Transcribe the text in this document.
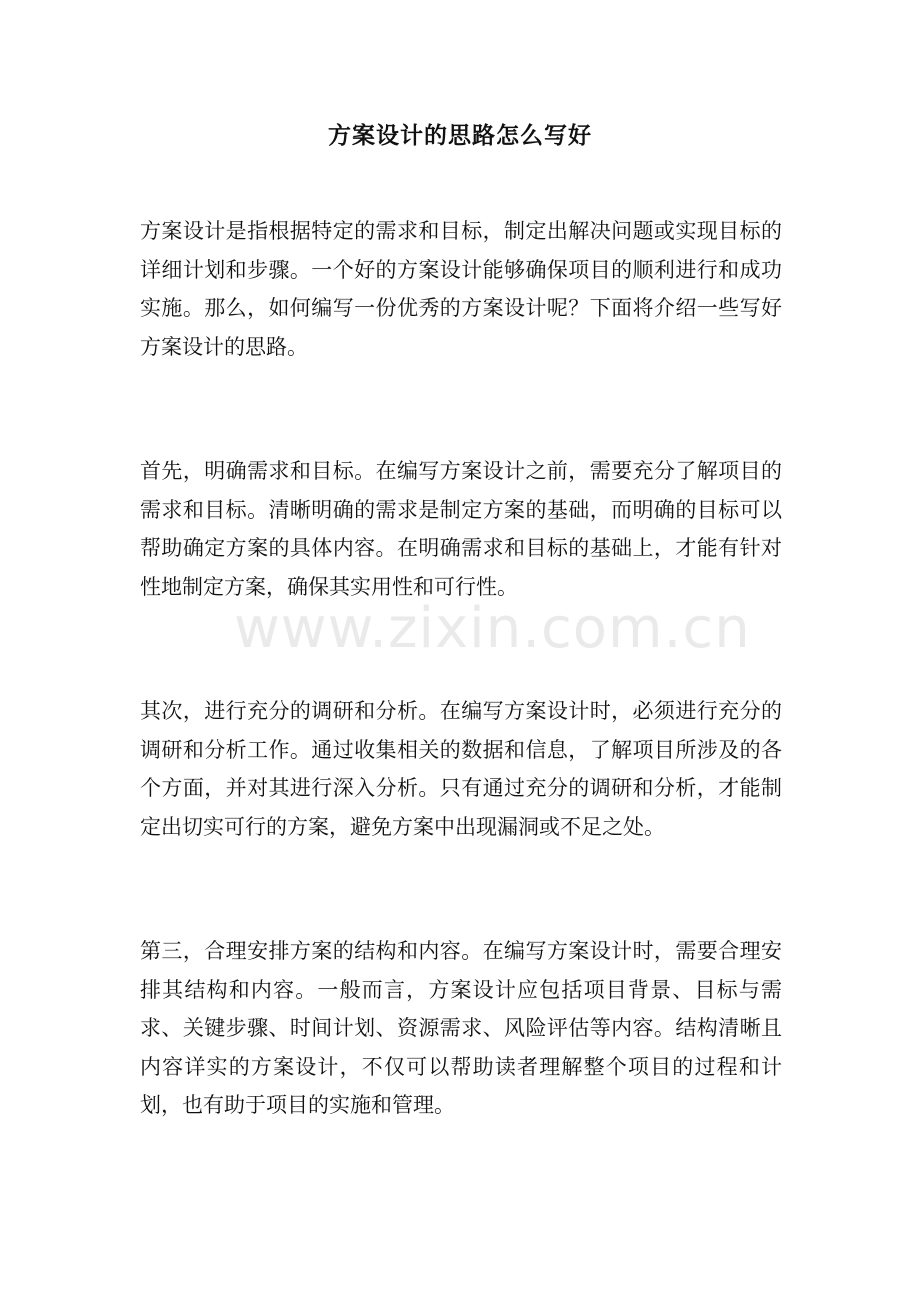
方案设计的思路怎么写好
方案设计是指根据特定的需求和目标，制定出解决问题或实现目标的详细计划和步骤。一个好的方案设计能够确保项目的顺利进行和成功实施。那么，如何编写一份优秀的方案设计呢？下面将介绍一些写好方案设计的思路。
首先，明确需求和目标。在编写方案设计之前，需要充分了解项目的需求和目标。清晰明确的需求是制定方案的基础，而明确的目标可以帮助确定方案的具体内容。在明确需求和目标的基础上，才能有针对性地制定方案，确保其实用性和可行性。
其次，进行充分的调研和分析。在编写方案设计时，必须进行充分的调研和分析工作。通过收集相关的数据和信息，了解项目所涉及的各个方面，并对其进行深入分析。只有通过充分的调研和分析，才能制定出切实可行的方案，避免方案中出现漏洞或不足之处。
第三，合理安排方案的结构和内容。在编写方案设计时，需要合理安排其结构和内容。一般而言，方案设计应包括项目背景、目标与需求、关键步骤、时间计划、资源需求、风险评估等内容。结构清晰且内容详实的方案设计，不仅可以帮助读者理解整个项目的过程和计划，也有助于项目的实施和管理。
www.zixin.com.cn
